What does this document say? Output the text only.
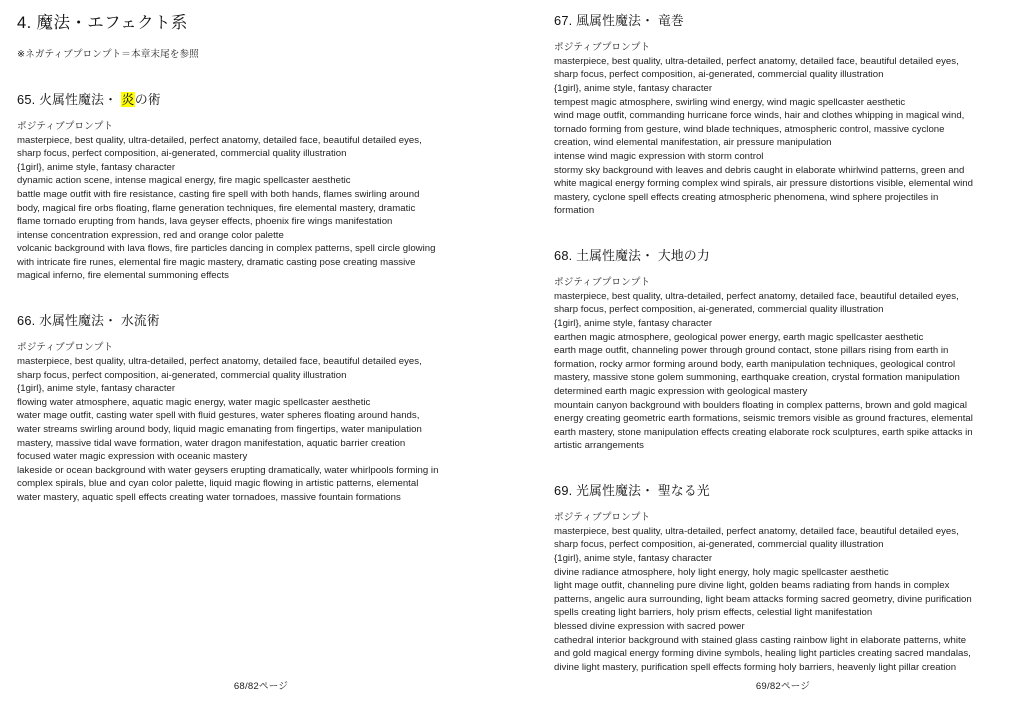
4. 魔法・エフェクト系
※ネガティブプロンプト＝本章末尾を参照
65. 火属性魔法・ 炎の術
ポジティブプロンプト
masterpiece, best quality, ultra-detailed, perfect anatomy, detailed face, beautiful detailed eyes,
sharp focus, perfect composition, ai-generated, commercial quality illustration
{1girl}, anime style, fantasy character
dynamic action scene, intense magical energy, fire magic spellcaster aesthetic
battle mage outfit with fire resistance, casting fire spell with both hands, flames swirling around
body, magical fire orbs floating, flame generation techniques, fire elemental mastery, dramatic
flame tornado erupting from hands, lava geyser effects, phoenix fire wings manifestation
intense concentration expression, red and orange color palette
volcanic background with lava flows, fire particles dancing in complex patterns, spell circle glowing
with intricate fire runes, elemental fire magic mastery, dramatic casting pose creating massive
magical inferno, fire elemental summoning effects
66. 水属性魔法・ 水流術
ポジティブプロンプト
masterpiece, best quality, ultra-detailed, perfect anatomy, detailed face, beautiful detailed eyes,
sharp focus, perfect composition, ai-generated, commercial quality illustration
{1girl}, anime style, fantasy character
flowing water atmosphere, aquatic magic energy, water magic spellcaster aesthetic
water mage outfit, casting water spell with fluid gestures, water spheres floating around hands,
water streams swirling around body, liquid magic emanating from fingertips, water manipulation
mastery, massive tidal wave formation, water dragon manifestation, aquatic barrier creation
focused water magic expression with oceanic mastery
lakeside or ocean background with water geysers erupting dramatically, water whirlpools forming in
complex spirals, blue and cyan color palette, liquid magic flowing in artistic patterns, elemental
water mastery, aquatic spell effects creating water tornadoes, massive fountain formations
68/82ページ
67. 風属性魔法・ 竜巻
ポジティブプロンプト
masterpiece, best quality, ultra-detailed, perfect anatomy, detailed face, beautiful detailed eyes,
sharp focus, perfect composition, ai-generated, commercial quality illustration
{1girl}, anime style, fantasy character
tempest magic atmosphere, swirling wind energy, wind magic spellcaster aesthetic
wind mage outfit, commanding hurricane force winds, hair and clothes whipping in magical wind,
tornado forming from gesture, wind blade techniques, atmospheric control, massive cyclone
creation, wind elemental manifestation, air pressure manipulation
intense wind magic expression with storm control
stormy sky background with leaves and debris caught in elaborate whirlwind patterns, green and
white magical energy forming complex wind spirals, air pressure distortions visible, elemental wind
mastery, cyclone spell effects creating atmospheric phenomena, wind sphere projectiles in
formation
68. 土属性魔法・ 大地の力
ポジティブプロンプト
masterpiece, best quality, ultra-detailed, perfect anatomy, detailed face, beautiful detailed eyes,
sharp focus, perfect composition, ai-generated, commercial quality illustration
{1girl}, anime style, fantasy character
earthen magic atmosphere, geological power energy, earth magic spellcaster aesthetic
earth mage outfit, channeling power through ground contact, stone pillars rising from earth in
formation, rocky armor forming around body, earth manipulation techniques, geological control
mastery, massive stone golem summoning, earthquake creation, crystal formation manipulation
determined earth magic expression with geological mastery
mountain canyon background with boulders floating in complex patterns, brown and gold magical
energy creating geometric earth formations, seismic tremors visible as ground fractures, elemental
earth mastery, stone manipulation effects creating elaborate rock sculptures, earth spike attacks in
artistic arrangements
69. 光属性魔法・ 聖なる光
ポジティブプロンプト
masterpiece, best quality, ultra-detailed, perfect anatomy, detailed face, beautiful detailed eyes,
sharp focus, perfect composition, ai-generated, commercial quality illustration
{1girl}, anime style, fantasy character
divine radiance atmosphere, holy light energy, holy magic spellcaster aesthetic
light mage outfit, channeling pure divine light, golden beams radiating from hands in complex
patterns, angelic aura surrounding, light beam attacks forming sacred geometry, divine purification
spells creating light barriers, holy prism effects, celestial light manifestation
blessed divine expression with sacred power
cathedral interior background with stained glass casting rainbow light in elaborate patterns, white
and gold magical energy forming divine symbols, healing light particles creating sacred mandalas,
divine light mastery, purification spell effects forming holy barriers, heavenly light pillar creation
69/82ページ
